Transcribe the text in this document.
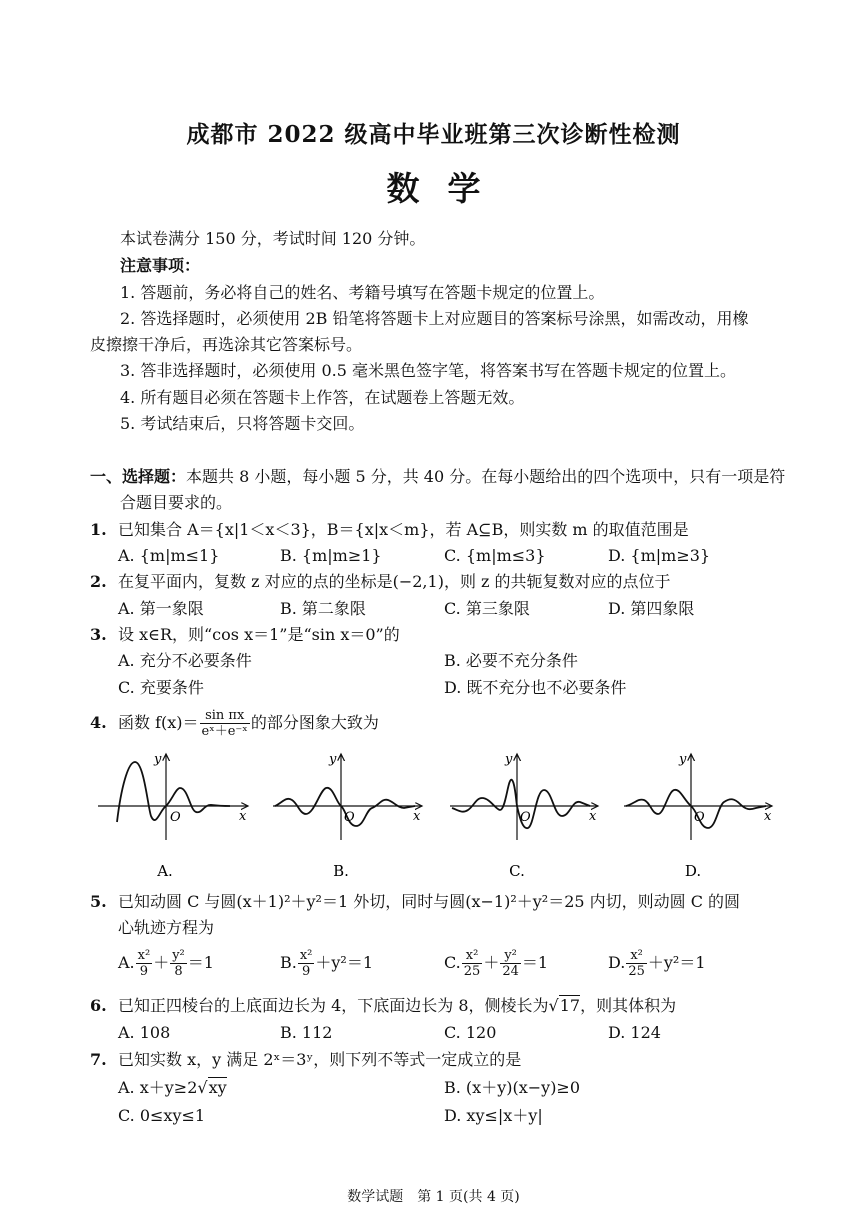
成都市 2022 级高中毕业班第三次诊断性检测
数学
本试卷满分 150 分，考试时间 120 分钟。
注意事项：
1. 答题前，务必将自己的姓名、考籍号填写在答题卡规定的位置上。
2. 答选择题时，必须使用 2B 铅笔将答题卡上对应题目的答案标号涂黑，如需改动，用橡
皮擦擦干净后，再选涂其它答案标号。
3. 答非选择题时，必须使用 0.5 毫米黑色签字笔，将答案书写在答题卡规定的位置上。
4. 所有题目必须在答题卡上作答，在试题卷上答题无效。
5. 考试结束后，只将答题卡交回。
一、选择题：本题共 8 小题，每小题 5 分，共 40 分。在每小题给出的四个选项中，只有一项是符
合题目要求的。
1. 已知集合 A＝{x|1＜x＜3}，B＝{x|x＜m}，若 A⊆B，则实数 m 的取值范围是
A. {m|m≤1}	B. {m|m≥1}	C. {m|m≤3}	D. {m|m≥3}
2. 在复平面内，复数 z 对应的点的坐标是(−2,1)，则 z 的共轭复数对应的点位于
A. 第一象限	B. 第二象限	C. 第三象限	D. 第四象限
3. 设 x∈R，则“cos x＝1”是“sin x＝0”的
A. 充分不必要条件	B. 必要不充分条件
C. 充要条件	D. 既不充分也不必要条件
4. 函数 $f(x)= \frac{\text{sin πx}}{\text{eˣ＋e⁻ˣ}}$ 的部分图象大致为
x
y
O
A.
x
y
O
B.
x
y
O
C.
x
y
O
D.
5. 已知动圆 C 与圆(x＋1)²＋y²＝1 外切，同时与圆(x−1)²＋y²＝25 内切，则动圆 C 的圆
心轨迹方程为
A. $\frac{\text{x²}}{9} + \frac{\text{y²}}{8} =1$	B. $\frac{\text{x²}}{9} +y^2=1$	C. $\frac{\text{x²}}{25} + \frac{\text{y²}}{24} =1$	D. $\frac{\text{x²}}{25} +y^2=1$
6. 已知正四棱台的上底面边长为 4，下底面边长为 8，侧棱长为√17，则其体积为
A. 108	B. 112	C. 120	D. 124
7. 已知实数 x，y 满足 2ˣ＝3ʸ，则下列不等式一定成立的是
A. x＋y≥2√xy	B. (x＋y)(x−y)≥0
C. 0≤xy≤1	D. xy≤|x＋y|
数学试题　第 1 页(共 4 页)
